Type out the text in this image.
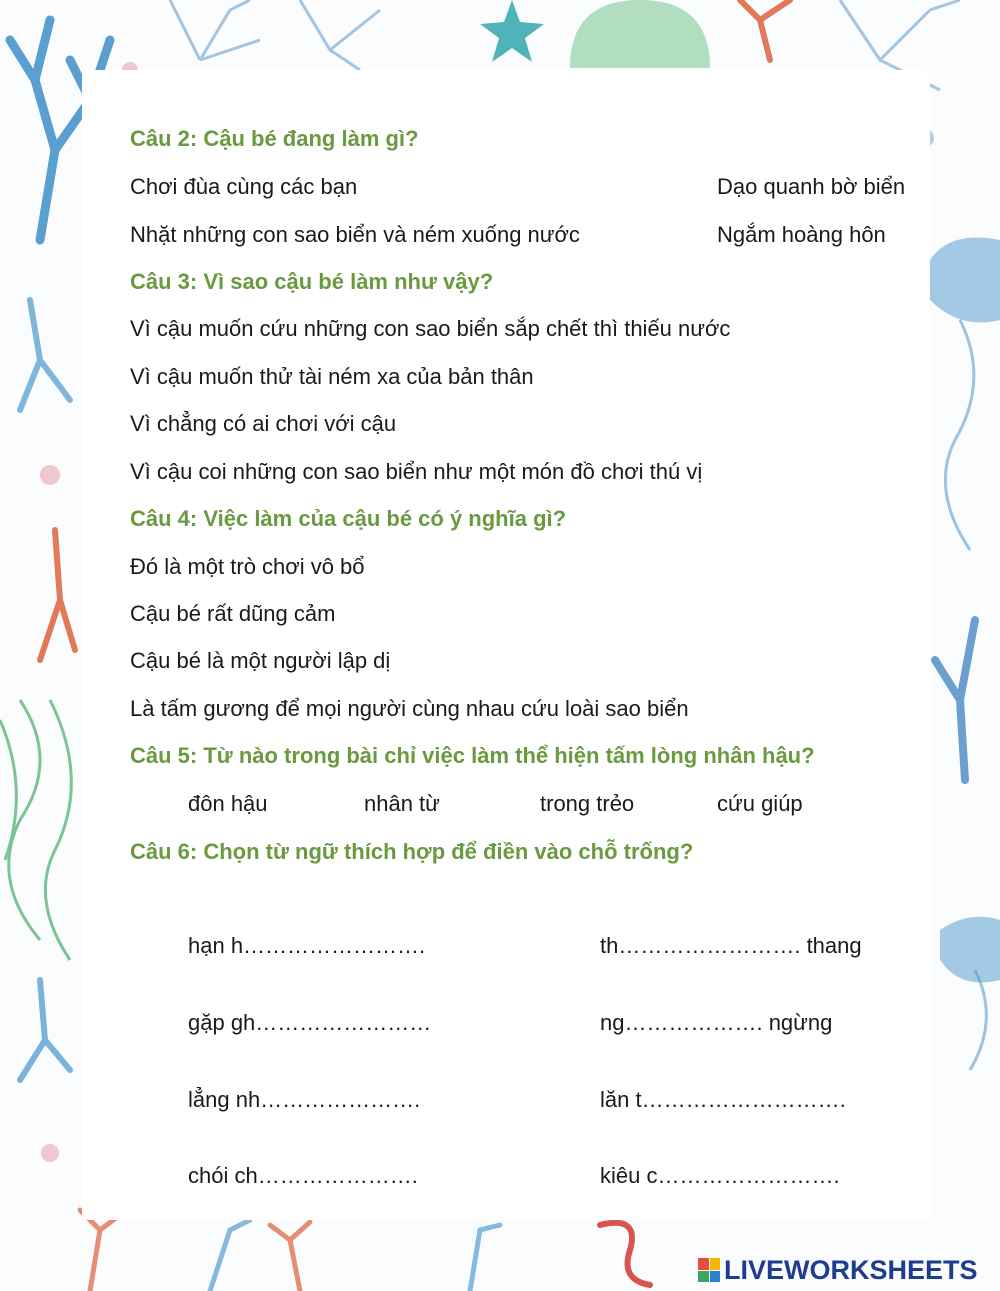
Câu 2: Cậu bé đang làm gì?
Chơi đùa cùng các bạn	Dạo quanh bờ biển
Nhặt những con sao biển và ném xuống nước	Ngắm hoàng hôn
Câu 3: Vì sao cậu bé làm như vậy?
Vì cậu muốn cứu những con sao biển sắp chết thì thiếu nước
Vì cậu muốn thử tài ném xa của bản thân
Vì chẳng có ai chơi với cậu
Vì cậu coi những con sao biển như một món đồ chơi thú vị
Câu 4: Việc làm của cậu bé có ý nghĩa gì?
Đó là một trò chơi vô bổ
Cậu bé rất dũng cảm
Cậu bé là một người lập dị
Là tấm gương để mọi người cùng nhau cứu loài sao biển
Câu 5: Từ nào trong bài chỉ việc làm thể hiện tấm lòng nhân hậu?
đôn hậu	nhân từ	trong trẻo	cứu giúp
Câu 6: Chọn từ ngữ thích hợp để điền vào chỗ trống?
hạn h…………………….	th……………………. thang
gặp gh……………………	ng………………. ngừng
lẳng nh………………….	lăn t……………………….
chói ch………………….	kiêu c…………………….
LIVEWORKSHEETS
